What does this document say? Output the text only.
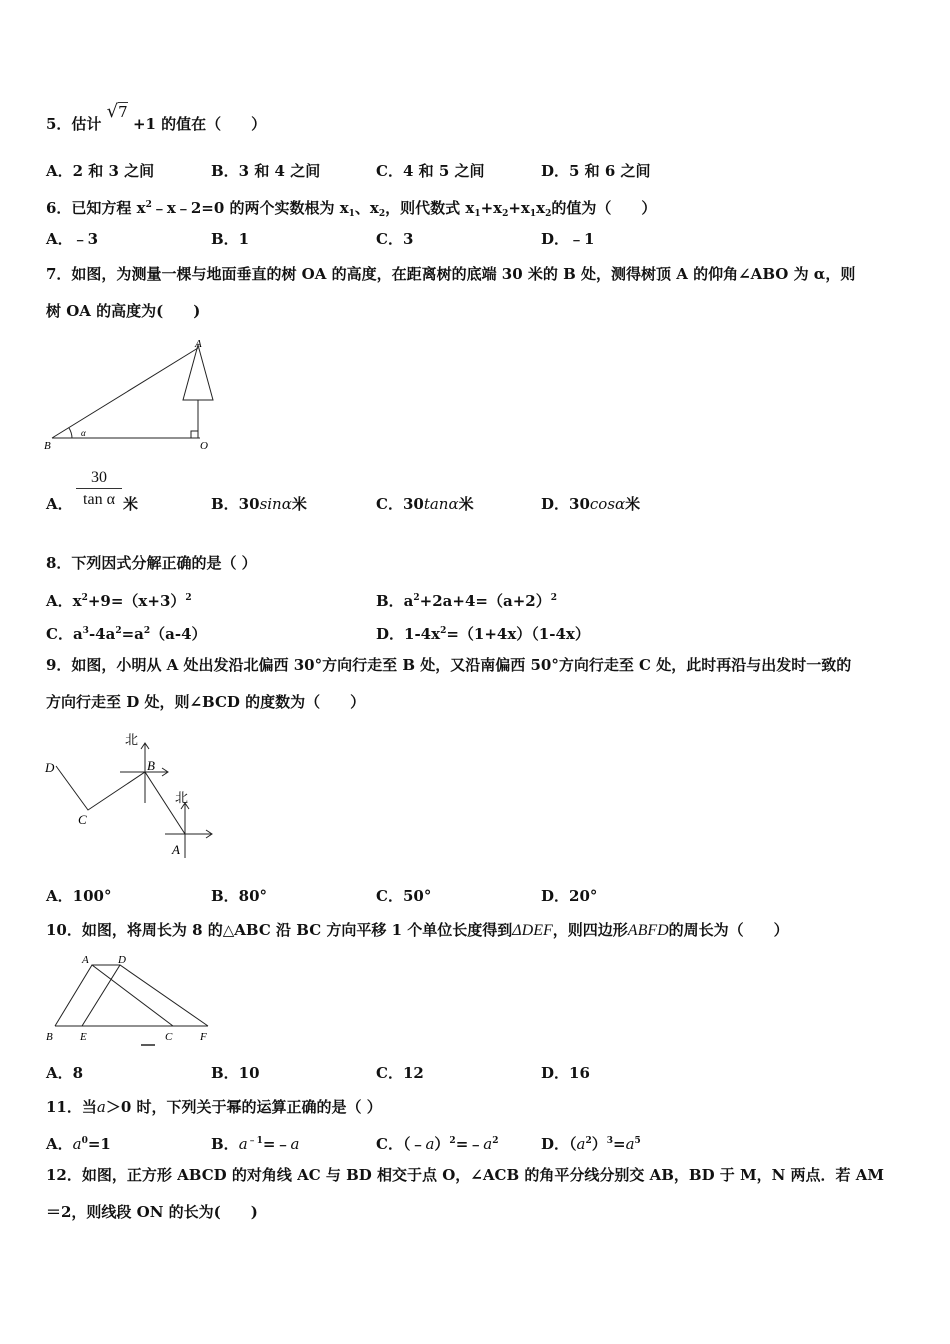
5．估计 √7 +1 的值在（　　）
A．2 和 3 之间	B．3 和 4 之间	C．4 和 5 之间	D．5 和 6 之间
6．已知方程 $x^2﹣x﹣2=0$ 的两个实数根为 $x_1$、$x_2$，则代数式 $x_1+x_2+x_1x_2$的值为（　　）
A．﹣3	B．1	C．3	D．﹣1
7．如图，为测量一棵与地面垂直的树 OA 的高度，在距离树的底端 30 米的 B 处，测得树顶 A 的仰角∠ABO 为 α，则
树 OA 的高度为(　　)
A
B	O
α
A． $\frac{30}{\text{tan α}}$ 米	B．30sinα米	C．30tanα米	D．30cosα米
8．下列因式分解正确的是（ ）
A．$x^2+9=(x+3)^2$	B．$a^2+2a+4=(a+2)^2$
C．$a^3-4a^2=a^2(a-4)$	D．$1-4x^2=(1+4x)(1-4x)$
9．如图，小明从 A 处出发沿北偏西 30°方向行走至 B 处，又沿南偏西 50°方向行走至 C 处，此时再沿与出发时一致的
方向行走至 D 处，则∠BCD 的度数为（　　）
北
北
A
B
C
D
A．100°	B．80°	C．50°	D．20°
10．如图，将周长为 8 的△ABC 沿 BC 方向平移 1 个单位长度得到ΔDEF，则四边形ABFD的周长为（　　）
A	D
B E	C	F
A．8	B．10	C．12	D．16
11．当a＞0 时，下列关于幂的运算正确的是（ ）
A．$a^0=1$	B．$a^{﹣1}=﹣a$	C．$(﹣a)^2=﹣a^2$	D．$(a^2)^3=a^5$
12．如图，正方形 ABCD 的对角线 AC 与 BD 相交于点 O，∠ACB 的角平分线分别交 AB，BD 于 M，N 两点．若 AM
＝2，则线段 ON 的长为(　　)
